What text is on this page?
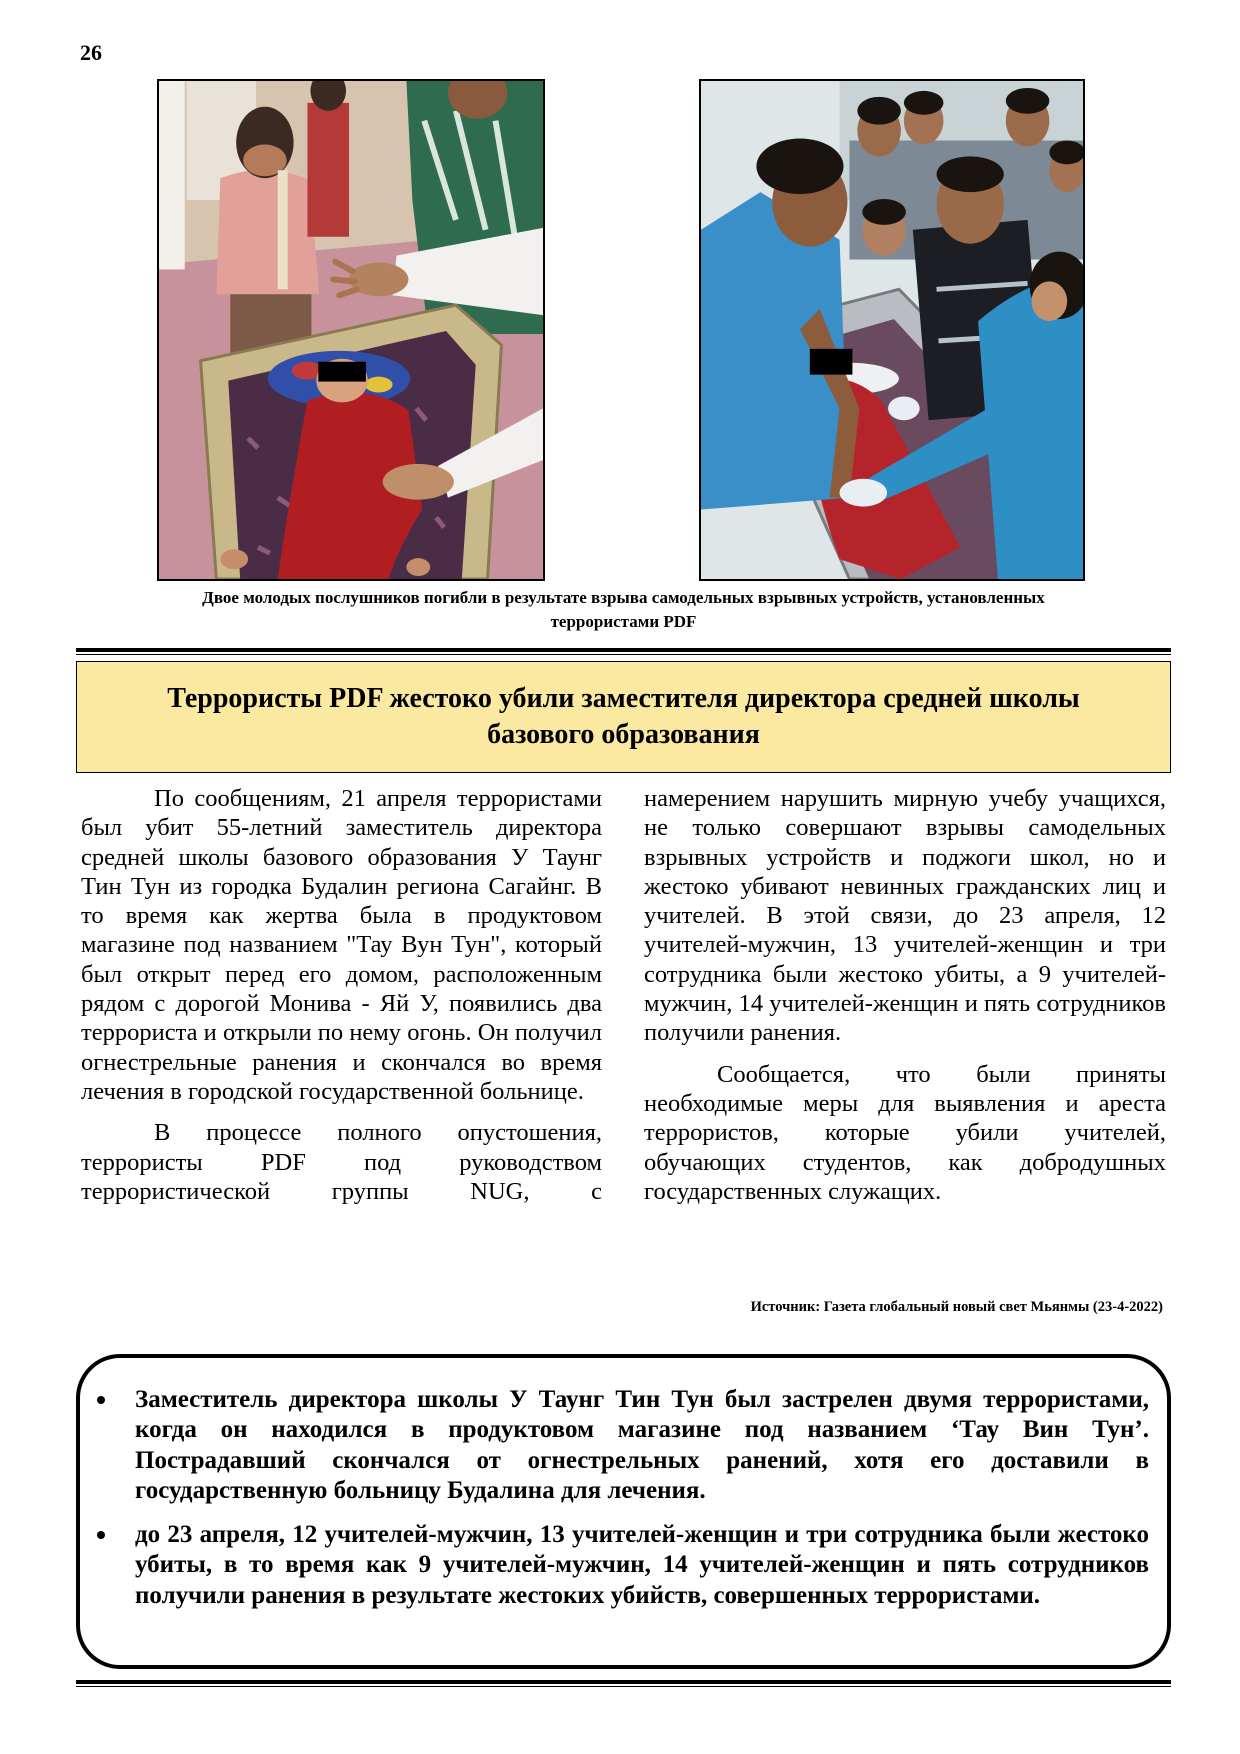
26
Двое молодых послушников погибли в результате взрыва самодельных взрывных устройств, установленных
террористами PDF
Террористы PDF жестоко убили заместителя директора средней школы
базового образования

По сообщениям, 21 апреля террористами был убит 55-летний заместитель директора средней школы базового образования У Таунг Тин Тун из городка Будалин региона Сагайнг. В то время как жертва была в продуктовом магазине под названием "Тау Вун Тун", который был открыт перед его домом, расположенным рядом с дорогой Монива - Яй У, появились два террориста и открыли по нему огонь. Он получил огнестрельные ранения и скончался во время лечения в городской государственной больнице.

В процессе полного опустошения, террористы PDF под руководством террористической группы NUG, с

намерением нарушить мирную учебу учащихся, не только совершают взрывы самодельных взрывных устройств и поджоги школ, но и жестоко убивают невинных гражданских лиц и учителей. В этой связи, до 23 апреля, 12 учителей-мужчин, 13 учителей-женщин и три сотрудника были жестоко убиты, а 9 учителей-мужчин, 14 учителей-женщин и пять сотрудников получили ранения.

Сообщается, что были приняты необходимые меры для выявления и ареста террористов, которые убили учителей, обучающих студентов, как добродушных государственных служащих.

Источник: Газета глобальный новый свет Мьянмы (23-4-2022)
Заместитель директора школы У Таунг Тин Тун был застрелен двумя террористами, когда он находился в продуктовом магазине под названием ‘Тау Вин Тун’. Пострадавший скончался от огнестрельных ранений, хотя его доставили в государственную больницу Будалина для лечения.
до 23 апреля, 12 учителей-мужчин, 13 учителей-женщин и три сотрудника были жестоко убиты, в то время как 9 учителей-мужчин, 14 учителей-женщин и пять сотрудников получили ранения в результате жестоких убийств, совершенных террористами.
